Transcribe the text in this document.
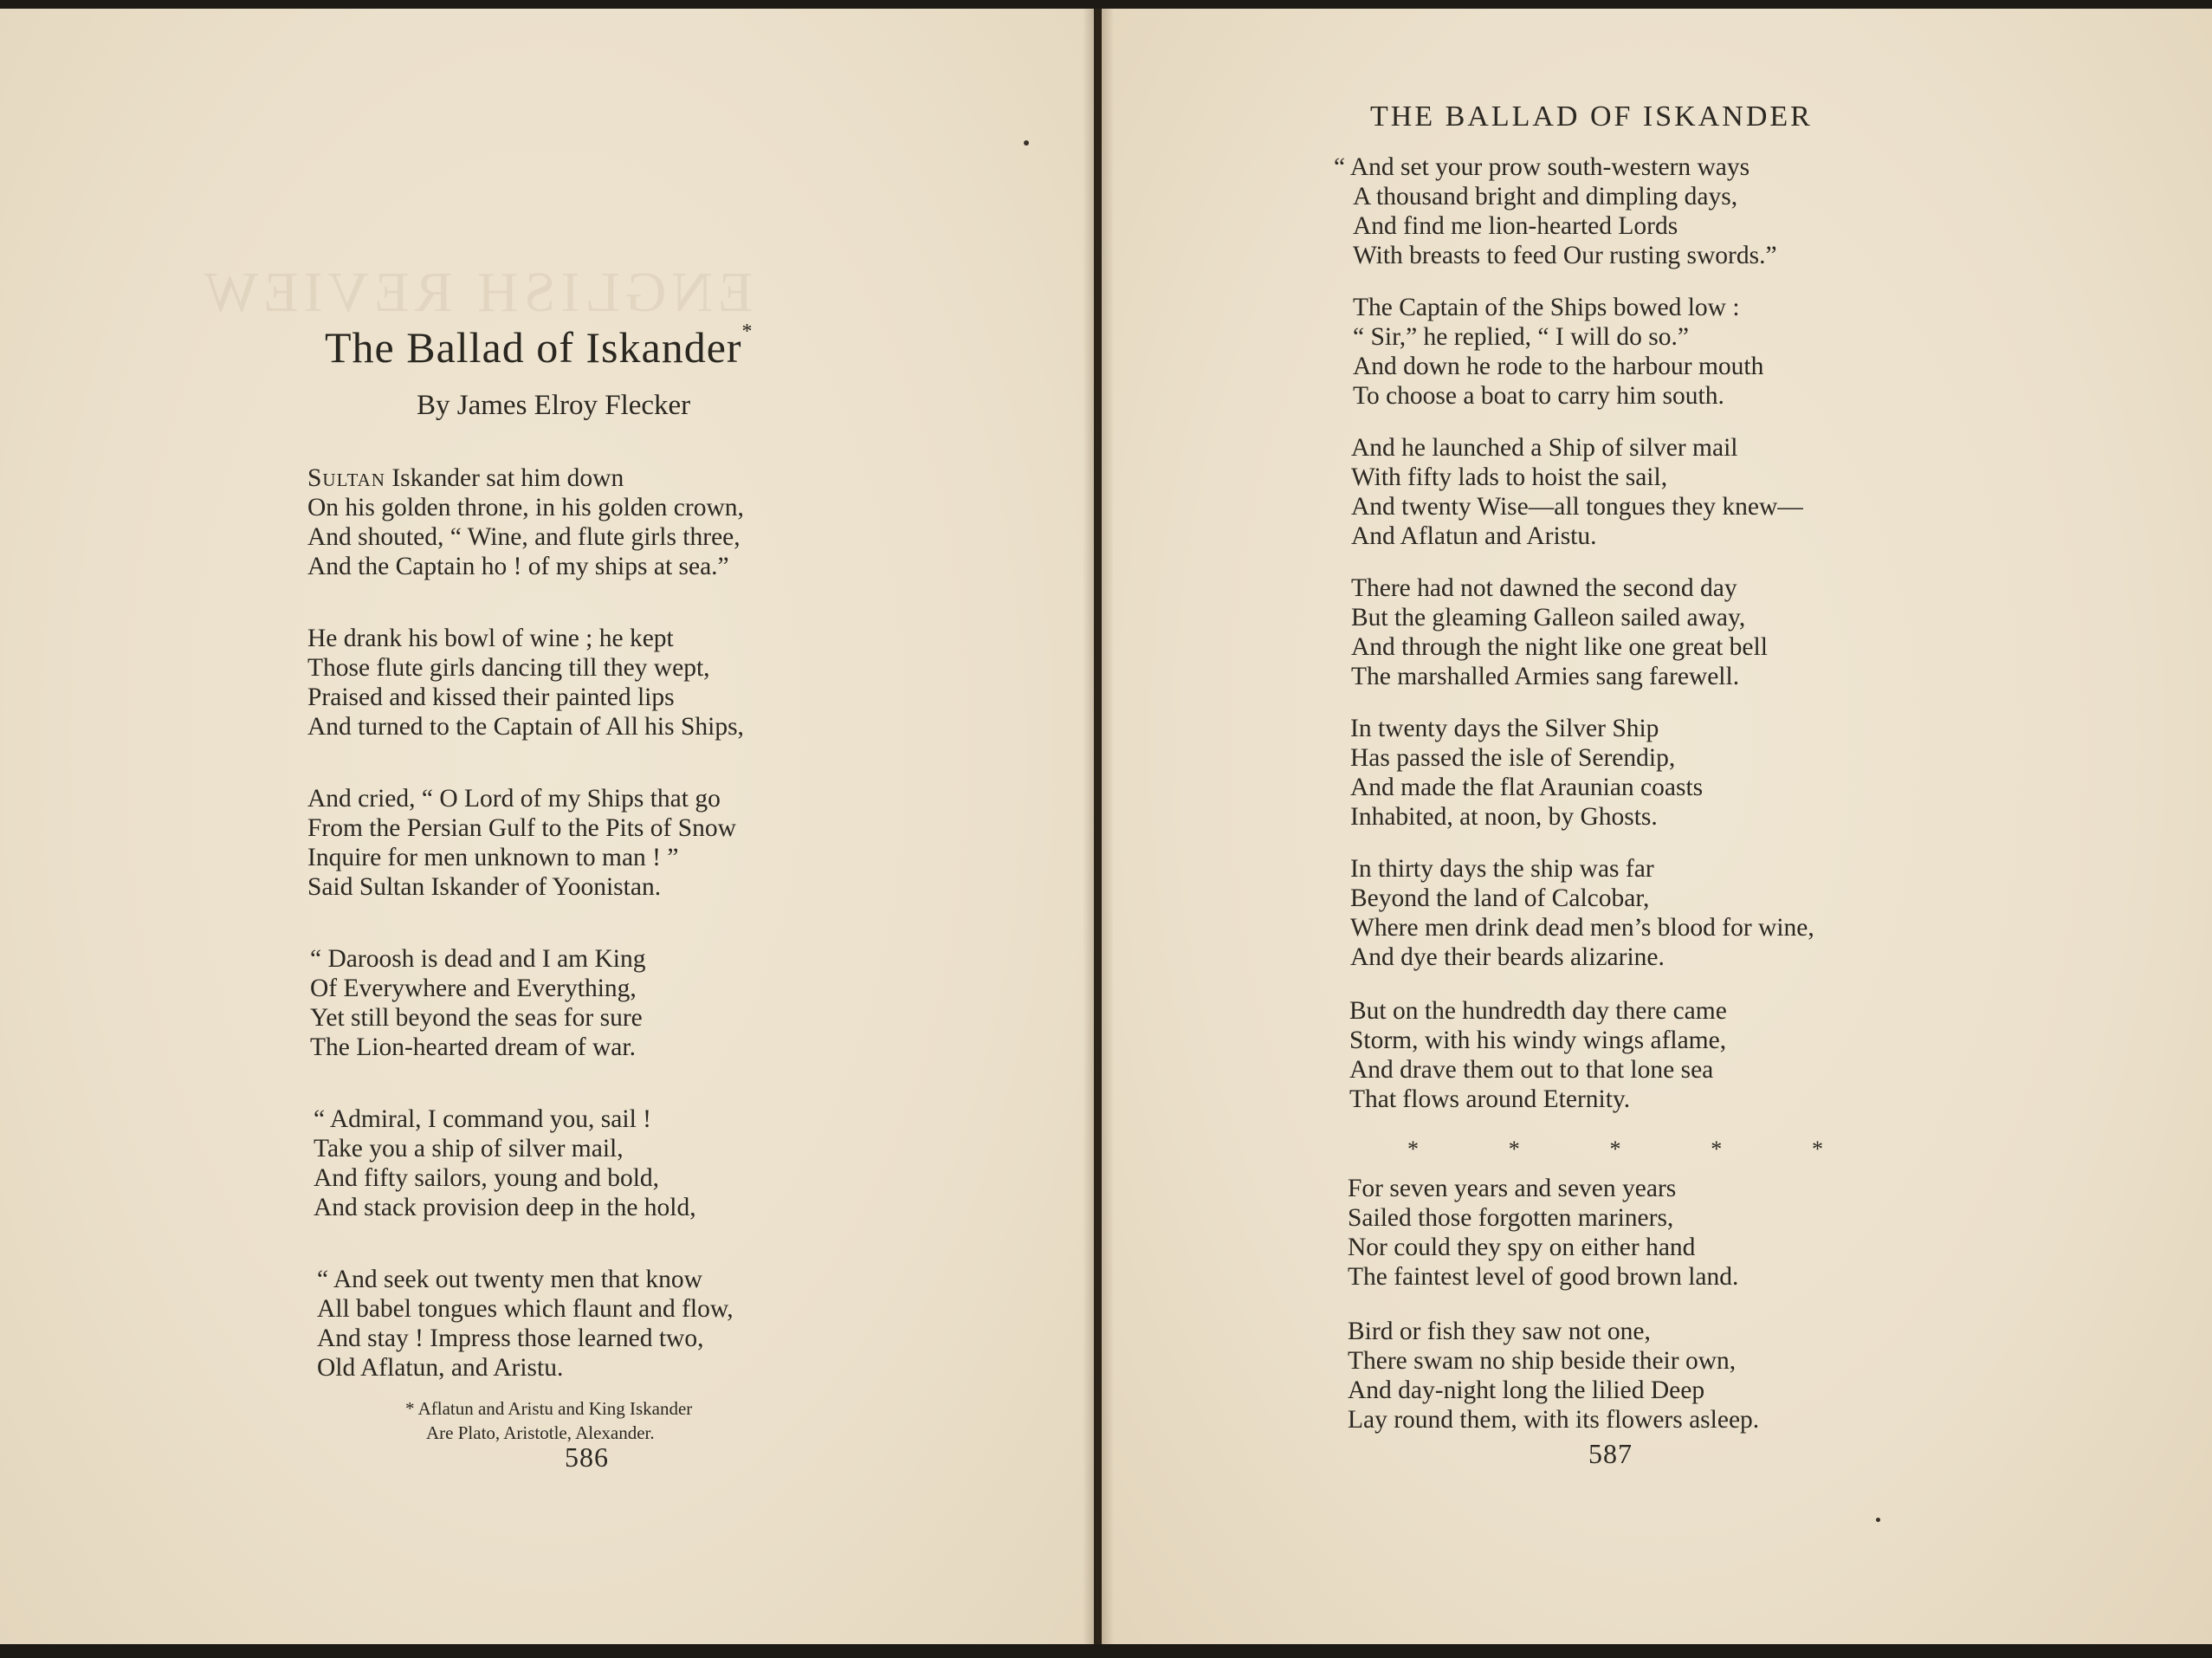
ENGLISH REVIEW
The Ballad of Iskander*
By James Elroy Flecker
Sultan Iskander sat him down
On his golden throne, in his golden crown,
And shouted, “ Wine, and flute girls three,
And the Captain ho ! of my ships at sea.”
He drank his bowl of wine ; he kept
Those flute girls dancing till they wept,
Praised and kissed their painted lips
And turned to the Captain of All his Ships,
And cried, “ O Lord of my Ships that go
From the Persian Gulf to the Pits of Snow
Inquire for men unknown to man ! ”
Said Sultan Iskander of Yoonistan.
“ Daroosh is dead and I am King
Of Everywhere and Everything,
Yet still beyond the seas for sure
The Lion-hearted dream of war.
“ Admiral, I command you, sail !
Take you a ship of silver mail,
And fifty sailors, young and bold,
And stack provision deep in the hold,
“ And seek out twenty men that know
All babel tongues which flaunt and flow,
And stay ! Impress those learned two,
Old Aflatun, and Aristu.
* Aflatun and Aristu and King Iskander
Are Plato, Aristotle, Alexander.
586
THE BALLAD OF ISKANDER
“ And set your prow south-western ways
A thousand bright and dimpling days,
And find me lion-hearted Lords
With breasts to feed Our rusting swords.”
The Captain of the Ships bowed low :
“ Sir,” he replied, “ I will do so.”
And down he rode to the harbour mouth
To choose a boat to carry him south.
And he launched a Ship of silver mail
With fifty lads to hoist the sail,
And twenty Wise—all tongues they knew—
And Aflatun and Aristu.
There had not dawned the second day
But the gleaming Galleon sailed away,
And through the night like one great bell
The marshalled Armies sang farewell.
In twenty days the Silver Ship
Has passed the isle of Serendip,
And made the flat Araunian coasts
Inhabited, at noon, by Ghosts.
In thirty days the ship was far
Beyond the land of Calcobar,
Where men drink dead men’s blood for wine,
And dye their beards alizarine.
But on the hundredth day there came
Storm, with his windy wings aflame,
And drave them out to that lone sea
That flows around Eternity.
*	*	*	*	*
For seven years and seven years
Sailed those forgotten mariners,
Nor could they spy on either hand
The faintest level of good brown land.
Bird or fish they saw not one,
There swam no ship beside their own,
And day-night long the lilied Deep
Lay round them, with its flowers asleep.
587
